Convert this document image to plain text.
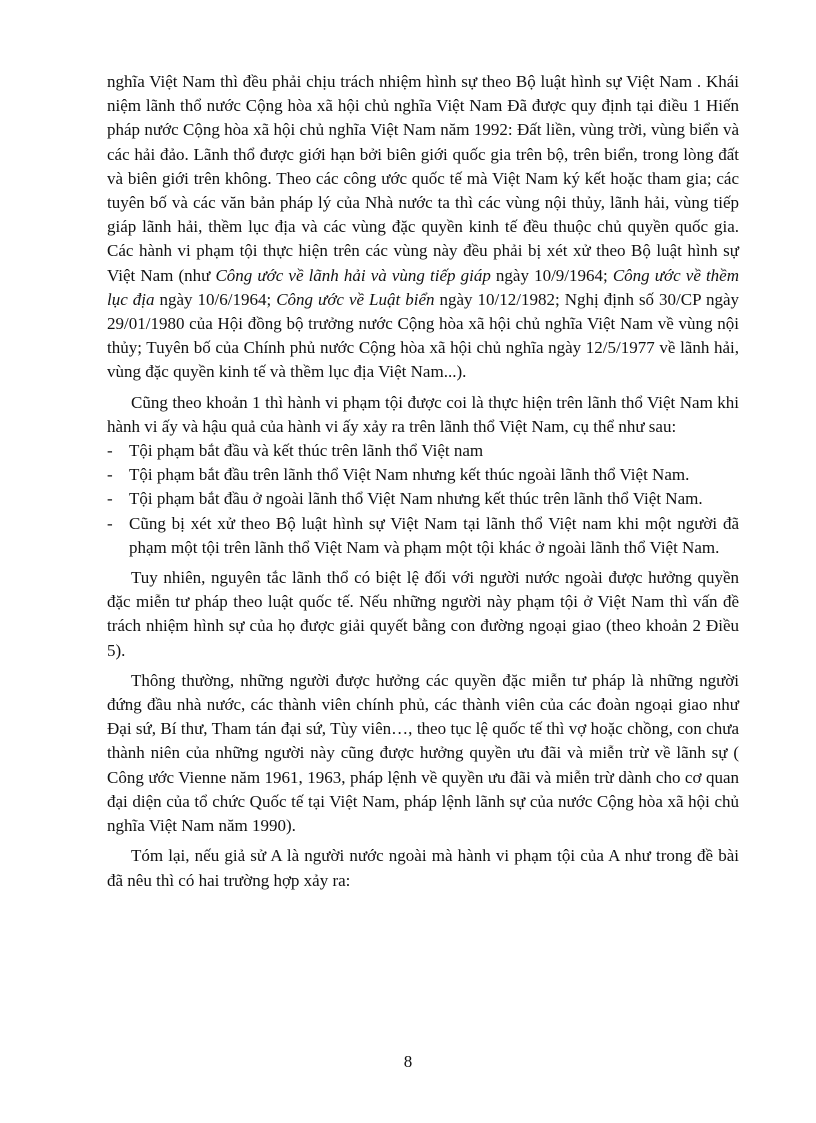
nghĩa Việt Nam thì đều phải chịu trách nhiệm hình sự theo Bộ luật hình sự Việt Nam . Khái niệm lãnh thổ nước Cộng hòa xã hội chủ nghĩa Việt Nam Đã được quy định tại điều 1 Hiến pháp nước Cộng hòa xã hội chủ nghĩa Việt Nam năm 1992: Đất liền, vùng trời, vùng biển và các hải đảo. Lãnh thổ được giới hạn bởi biên giới quốc gia trên bộ, trên biển, trong lòng đất và biên giới trên không. Theo các công ước quốc tế mà Việt Nam ký kết hoặc tham gia; các tuyên bố và các văn bản pháp lý của Nhà nước ta thì các vùng nội thủy, lãnh hải, vùng tiếp giáp lãnh hải, thềm lục địa và các vùng đặc quyền kinh tế đều thuộc chủ quyền quốc gia. Các hành vi phạm tội thực hiện trên các vùng này đều phải bị xét xử theo Bộ luật hình sự Việt Nam (như Công ước về lãnh hải và vùng tiếp giáp ngày 10/9/1964; Công ước về thềm lục địa ngày 10/6/1964; Công ước về Luật biển ngày 10/12/1982; Nghị định số 30/CP ngày 29/01/1980 của Hội đồng bộ trưởng nước Cộng hòa xã hội chủ nghĩa Việt Nam về vùng nội thủy; Tuyên bố của Chính phủ nước Cộng hòa xã hội chủ nghĩa ngày 12/5/1977 về lãnh hải, vùng đặc quyền kinh tế và thềm lục địa Việt Nam...).

Cũng theo khoản 1 thì hành vi phạm tội được coi là thực hiện trên lãnh thổ Việt Nam khi hành vi ấy và hậu quả của hành vi ấy xảy ra trên lãnh thổ Việt Nam, cụ thể như sau:

- Tội phạm bắt đầu và kết thúc trên lãnh thổ Việt nam
- Tội phạm bắt đầu trên lãnh thổ Việt Nam nhưng kết thúc ngoài lãnh thổ Việt Nam.
- Tội phạm bắt đầu ở ngoài lãnh thổ Việt Nam nhưng kết thúc trên lãnh thổ Việt Nam.
- Cũng bị xét xử theo Bộ luật hình sự Việt Nam tại lãnh thổ Việt nam khi một người đã phạm một tội trên lãnh thổ Việt Nam và phạm một tội khác ở ngoài lãnh thổ Việt Nam.

Tuy nhiên, nguyên tắc lãnh thổ có biệt lệ đối với người nước ngoài được hưởng quyền đặc miễn tư pháp theo luật quốc tế. Nếu những người này phạm tội ở Việt Nam thì vấn đề trách nhiệm hình sự của họ được giải quyết bằng con đường ngoại giao (theo khoản 2 Điều 5).

Thông thường, những người được hưởng các quyền đặc miễn tư pháp là những người đứng đầu nhà nước, các thành viên chính phủ, các thành viên của các đoàn ngoại giao như Đại sứ, Bí thư, Tham tán đại sứ, Tùy viên…, theo tục lệ quốc tế thì vợ hoặc chồng, con chưa thành niên của những người này cũng được hưởng quyền ưu đãi và miễn trừ về lãnh sự ( Công ước Vienne năm 1961, 1963, pháp lệnh về quyền ưu đãi và miễn trừ dành cho cơ quan đại diện của tổ chức Quốc tế tại Việt Nam, pháp lệnh lãnh sự của nước Cộng hòa xã hội chủ nghĩa Việt Nam năm 1990).

Tóm lại, nếu giả sử A là người nước ngoài mà hành vi phạm tội của A như trong đề bài đã nêu thì có hai trường hợp xảy ra:

8
